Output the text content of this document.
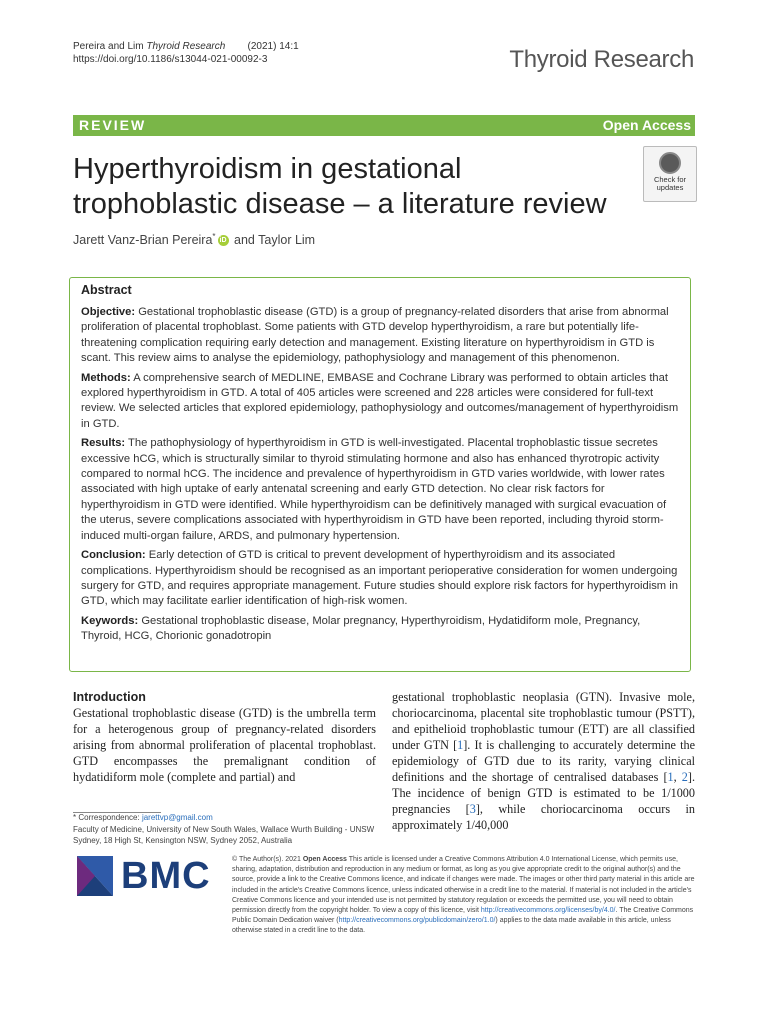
Pereira and Lim Thyroid Research (2021) 14:1
https://doi.org/10.1186/s13044-021-00092-3	Thyroid Research
REVIEW	Open Access
Hyperthyroidism in gestational trophoblastic disease – a literature review
Check for updates
Jarett Vanz-Brian Pereira* iD and Taylor Lim
Abstract

Objective: Gestational trophoblastic disease (GTD) is a group of pregnancy-related disorders that arise from abnormal proliferation of placental trophoblast. Some patients with GTD develop hyperthyroidism, a rare but potentially life-threatening complication requiring early detection and management. Existing literature on hyperthyroidism in GTD is scant. This review aims to analyse the epidemiology, pathophysiology and management of this phenomenon.

Methods: A comprehensive search of MEDLINE, EMBASE and Cochrane Library was performed to obtain articles that explored hyperthyroidism in GTD. A total of 405 articles were screened and 228 articles were considered for full-text review. We selected articles that explored epidemiology, pathophysiology and outcomes/management of hyperthyroidism in GTD.

Results: The pathophysiology of hyperthyroidism in GTD is well-investigated. Placental trophoblastic tissue secretes excessive hCG, which is structurally similar to thyroid stimulating hormone and also has enhanced thyrotropic activity compared to normal hCG. The incidence and prevalence of hyperthyroidism in GTD varies worldwide, with lower rates associated with high uptake of early antenatal screening and early GTD detection. No clear risk factors for hyperthyroidism in GTD were identified. While hyperthyroidism can be definitively managed with surgical evacuation of the uterus, severe complications associated with hyperthyroidism in GTD have been reported, including thyroid storm-induced multi-organ failure, ARDS, and pulmonary hypertension.

Conclusion: Early detection of GTD is critical to prevent development of hyperthyroidism and its associated complications. Hyperthyroidism should be recognised as an important perioperative consideration for women undergoing surgery for GTD, and requires appropriate management. Future studies should explore risk factors for hyperthyroidism in GTD, which may facilitate earlier identification of high-risk women.

Keywords: Gestational trophoblastic disease, Molar pregnancy, Hyperthyroidism, Hydatidiform mole, Pregnancy, Thyroid, HCG, Chorionic gonadotropin

Introduction
Gestational trophoblastic disease (GTD) is the umbrella term for a heterogenous group of pregnancy-related disorders arising from abnormal proliferation of placental trophoblast. GTD encompasses the premalignant condition of hydatidiform mole (complete and partial) and
gestational trophoblastic neoplasia (GTN). Invasive mole, choriocarcinoma, placental site trophoblastic tumour (PSTT), and epithelioid trophoblastic tumour (ETT) are all classified under GTN [1]. It is challenging to accurately determine the epidemiology of GTD due to its rarity, varying clinical definitions and the shortage of centralised databases [1, 2]. The incidence of benign GTD is estimated to be 1/1000 pregnancies [3], while choriocarcinoma occurs in approximately 1/40,000
* Correspondence: jarettvp@gmail.com
Faculty of Medicine, University of New South Wales, Wallace Wurth Building - UNSW Sydney, 18 High St, Kensington NSW, Sydney 2052, Australia
BMC	© The Author(s). 2021 Open Access This article is licensed under a Creative Commons Attribution 4.0 International License, which permits use, sharing, adaptation, distribution and reproduction in any medium or format, as long as you give appropriate credit to the original author(s) and the source, provide a link to the Creative Commons licence, and indicate if changes were made. The images or other third party material in this article are included in the article's Creative Commons licence, unless indicated otherwise in a credit line to the material. If material is not included in the article's Creative Commons licence and your intended use is not permitted by statutory regulation or exceeds the permitted use, you will need to obtain permission directly from the copyright holder. To view a copy of this licence, visit http://creativecommons.org/licenses/by/4.0/. The Creative Commons Public Domain Dedication waiver (http://creativecommons.org/publicdomain/zero/1.0/) applies to the data made available in this article, unless otherwise stated in a credit line to the data.
